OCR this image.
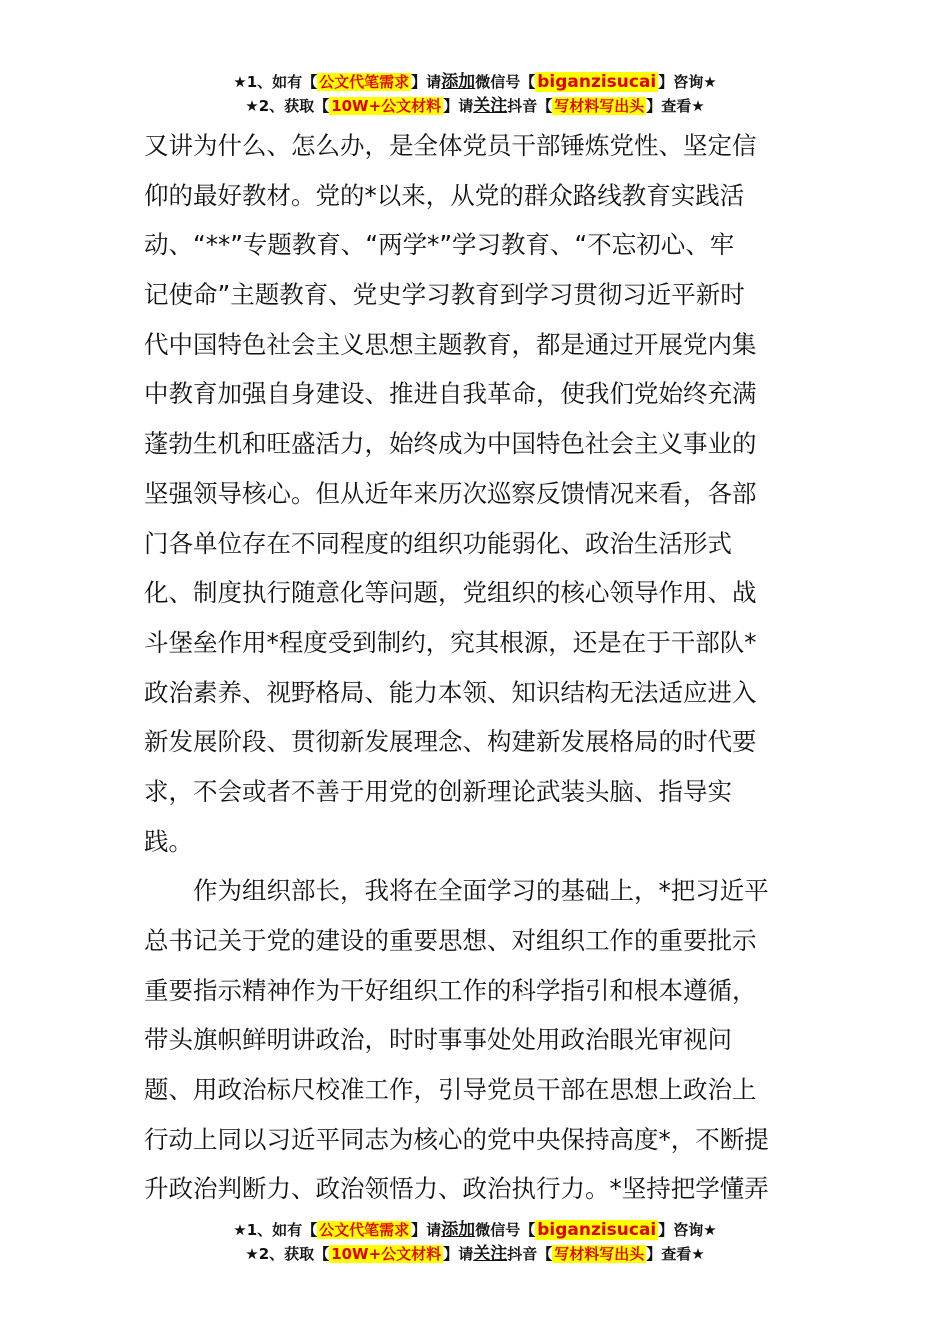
★1、如有【 公文代笔需求 】请添加微信号【 biganzisucai 】咨询★
★2、获取【 10W+公文材料 】请关注抖音【 写材料写出头 】查看★
又讲为什么、怎么办，是全体党员干部锤炼党性、坚定信
仰的最好教材。党的*以来，从党的群众路线教育实践活
动、“**”专题教育、“两学*”学习教育、“不忘初心、牢
记使命”主题教育、党史学习教育到学习贯彻习近平新时
代中国特色社会主义思想主题教育，都是通过开展党内集
中教育加强自身建设、推进自我革命，使我们党始终充满
蓬勃生机和旺盛活力，始终成为中国特色社会主义事业的
坚强领导核心。但从近年来历次巡察反馈情况来看，各部
门各单位存在不同程度的组织功能弱化、政治生活形式
化、制度执行随意化等问题，党组织的核心领导作用、战
斗堡垒作用*程度受到制约，究其根源，还是在于干部队*
政治素养、视野格局、能力本领、知识结构无法适应进入
新发展阶段、贯彻新发展理念、构建新发展格局的时代要
求，不会或者不善于用党的创新理论武装头脑、指导实
践。
作为组织部长，我将在全面学习的基础上，*把习近平
总书记关于党的建设的重要思想、对组织工作的重要批示
重要指示精神作为干好组织工作的科学指引和根本遵循，
带头旗帜鲜明讲政治，时时事事处处用政治眼光审视问
题、用政治标尺校准工作，引导党员干部在思想上政治上
行动上同以习近平同志为核心的党中央保持高度*，不断提
升政治判断力、政治领悟力、政治执行力。*坚持把学懂弄
★1、如有【 公文代笔需求 】请添加微信号【 biganzisucai 】咨询★
★2、获取【 10W+公文材料 】请关注抖音【 写材料写出头 】查看★
